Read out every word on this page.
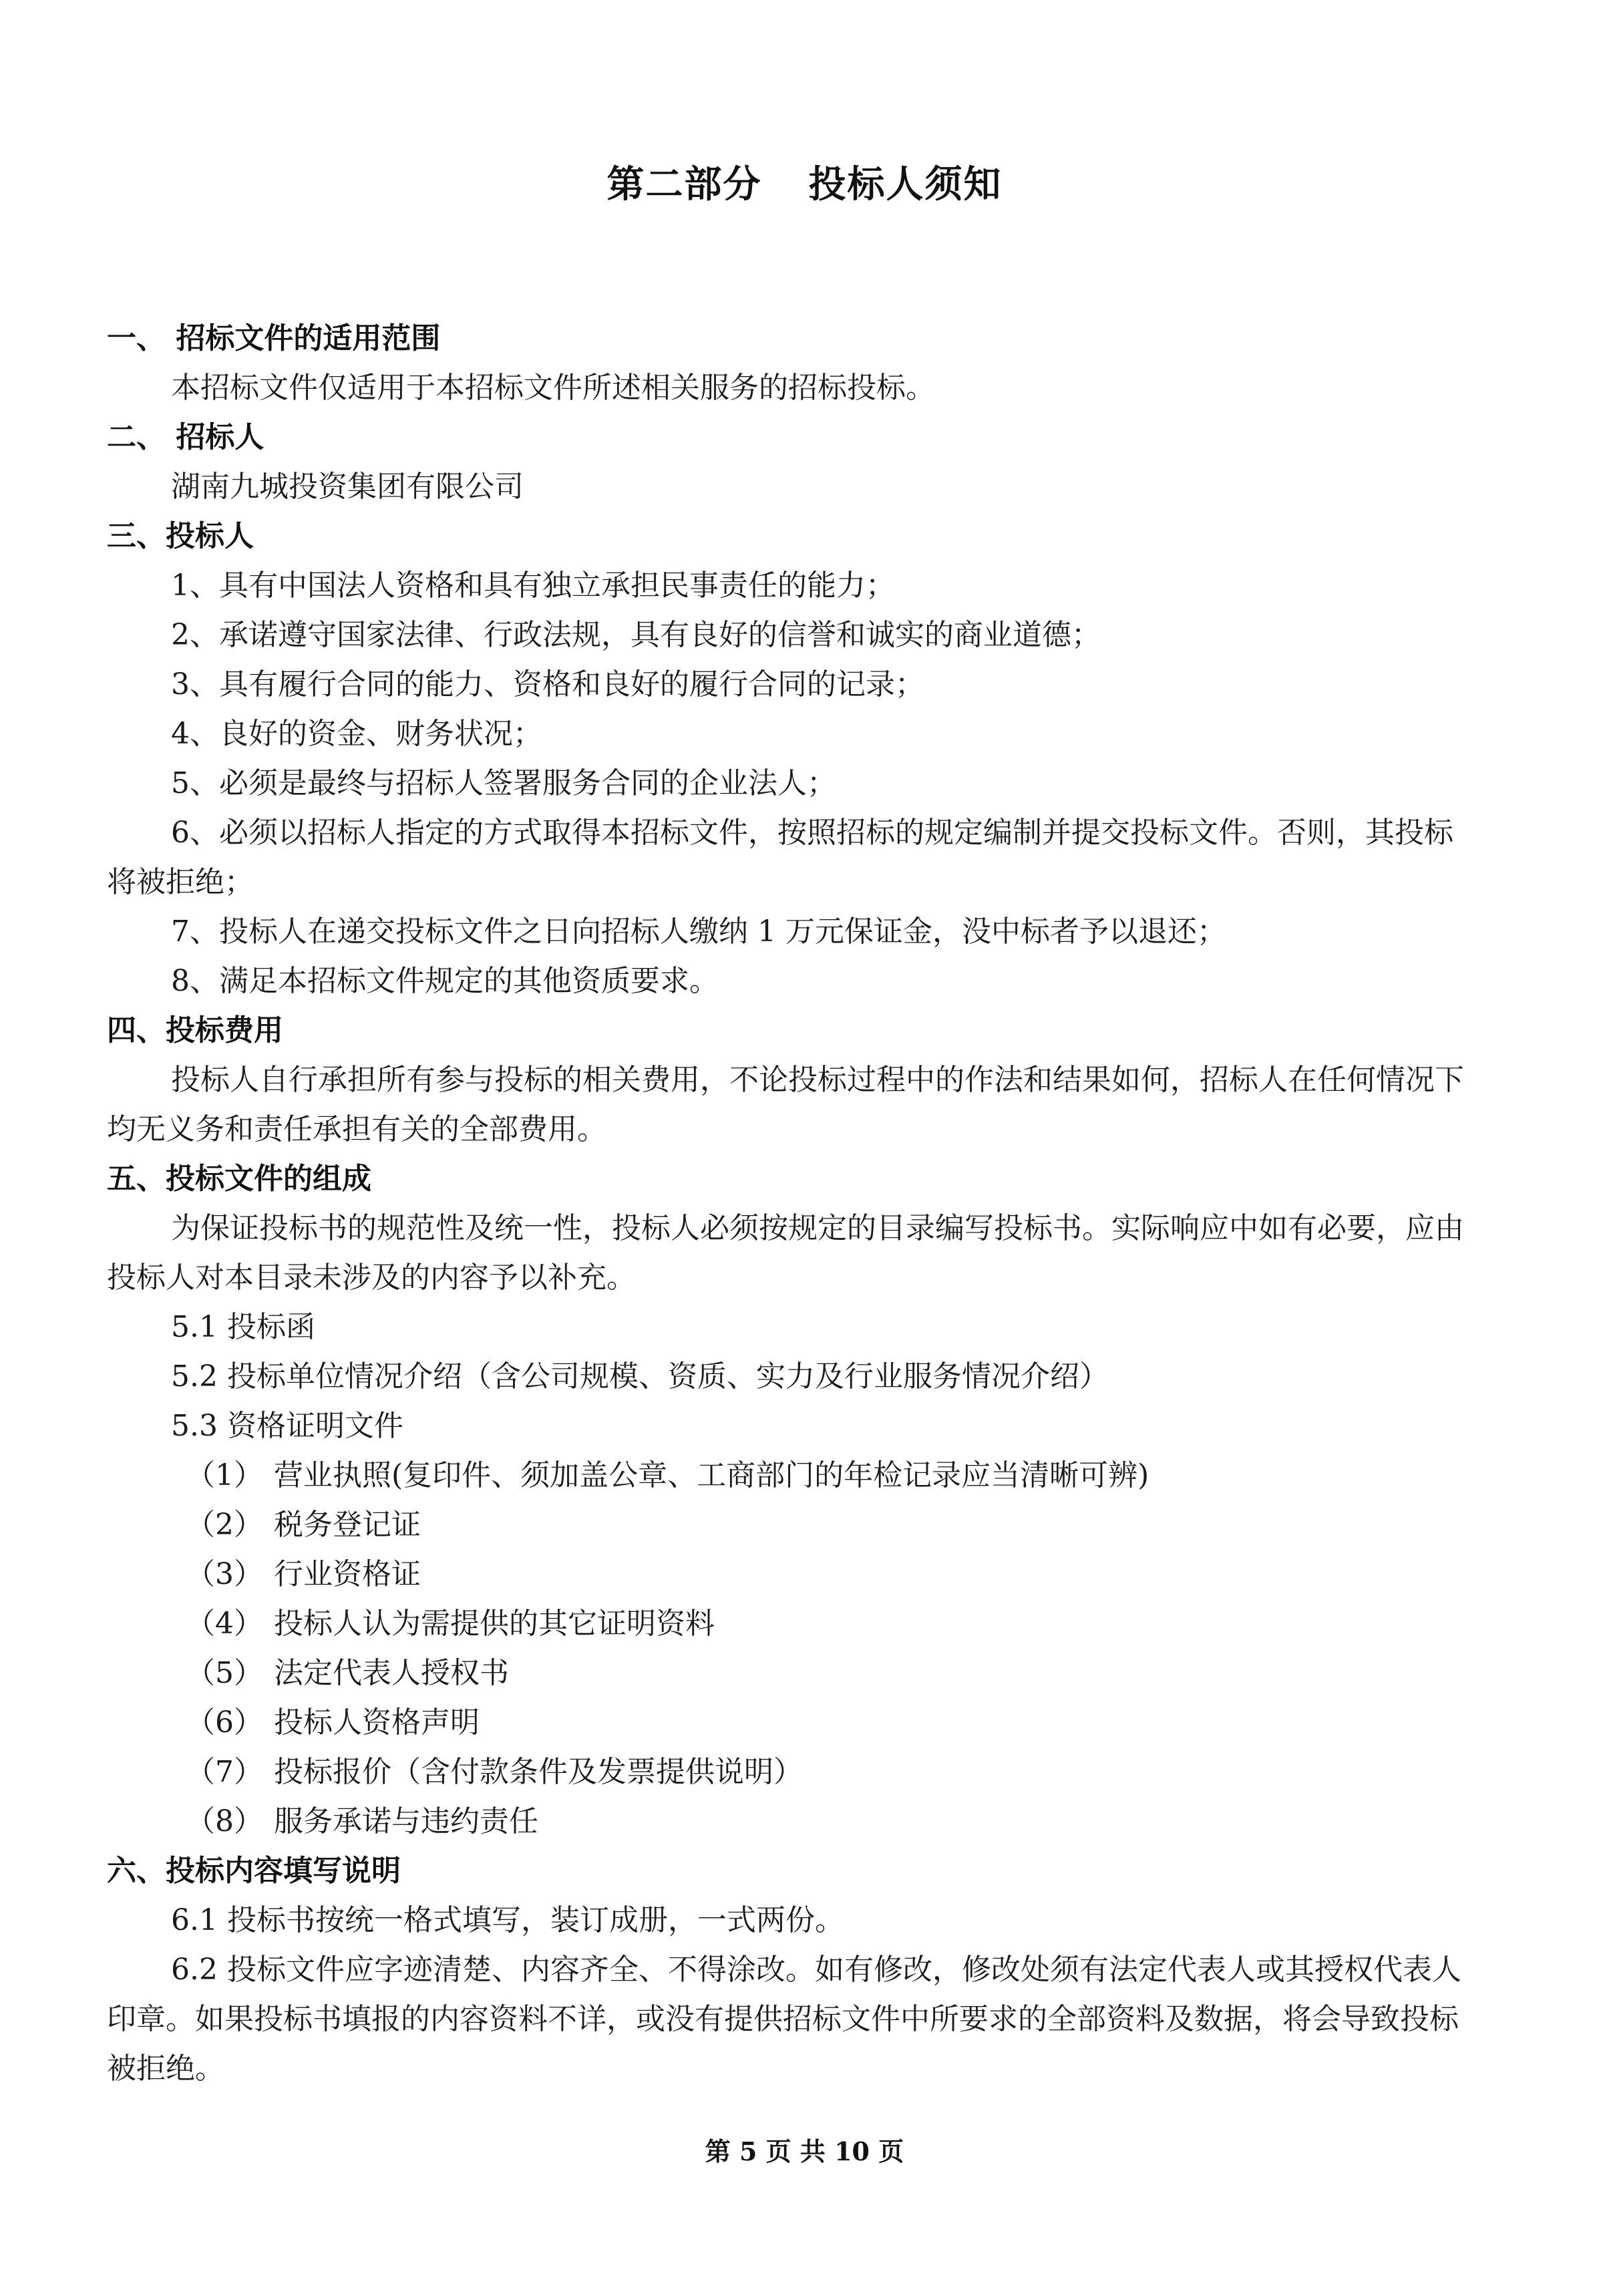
第二部分 投标人须知
一、 招标文件的适用范围
本招标文件仅适用于本招标文件所述相关服务的招标投标。
二、 招标人
湖南九城投资集团有限公司
三、投标人
1、具有中国法人资格和具有独立承担民事责任的能力；
2、承诺遵守国家法律、行政法规，具有良好的信誉和诚实的商业道德；
3、具有履行合同的能力、资格和良好的履行合同的记录；
4、良好的资金、财务状况；
5、必须是最终与招标人签署服务合同的企业法人；
6、必须以招标人指定的方式取得本招标文件，按照招标的规定编制并提交投标文件。否则，其投标将被拒绝；
7、投标人在递交投标文件之日向招标人缴纳 1 万元保证金，没中标者予以退还；
8、满足本招标文件规定的其他资质要求。
四、投标费用
投标人自行承担所有参与投标的相关费用，不论投标过程中的作法和结果如何，招标人在任何情况下均无义务和责任承担有关的全部费用。
五、投标文件的组成
为保证投标书的规范性及统一性，投标人必须按规定的目录编写投标书。实际响应中如有必要，应由投标人对本目录未涉及的内容予以补充。
5.1 投标函
5.2 投标单位情况介绍（含公司规模、资质、实力及行业服务情况介绍）
5.3 资格证明文件
（1） 营业执照(复印件、须加盖公章、工商部门的年检记录应当清晰可辨)
（2） 税务登记证
（3） 行业资格证
（4） 投标人认为需提供的其它证明资料
（5） 法定代表人授权书
（6） 投标人资格声明
（7） 投标报价（含付款条件及发票提供说明）
（8） 服务承诺与违约责任
六、投标内容填写说明
6.1 投标书按统一格式填写，装订成册，一式两份。
6.2 投标文件应字迹清楚、内容齐全、不得涂改。如有修改，修改处须有法定代表人或其授权代表人印章。如果投标书填报的内容资料不详，或没有提供招标文件中所要求的全部资料及数据，将会导致投标被拒绝。
第 5 页 共 10 页
